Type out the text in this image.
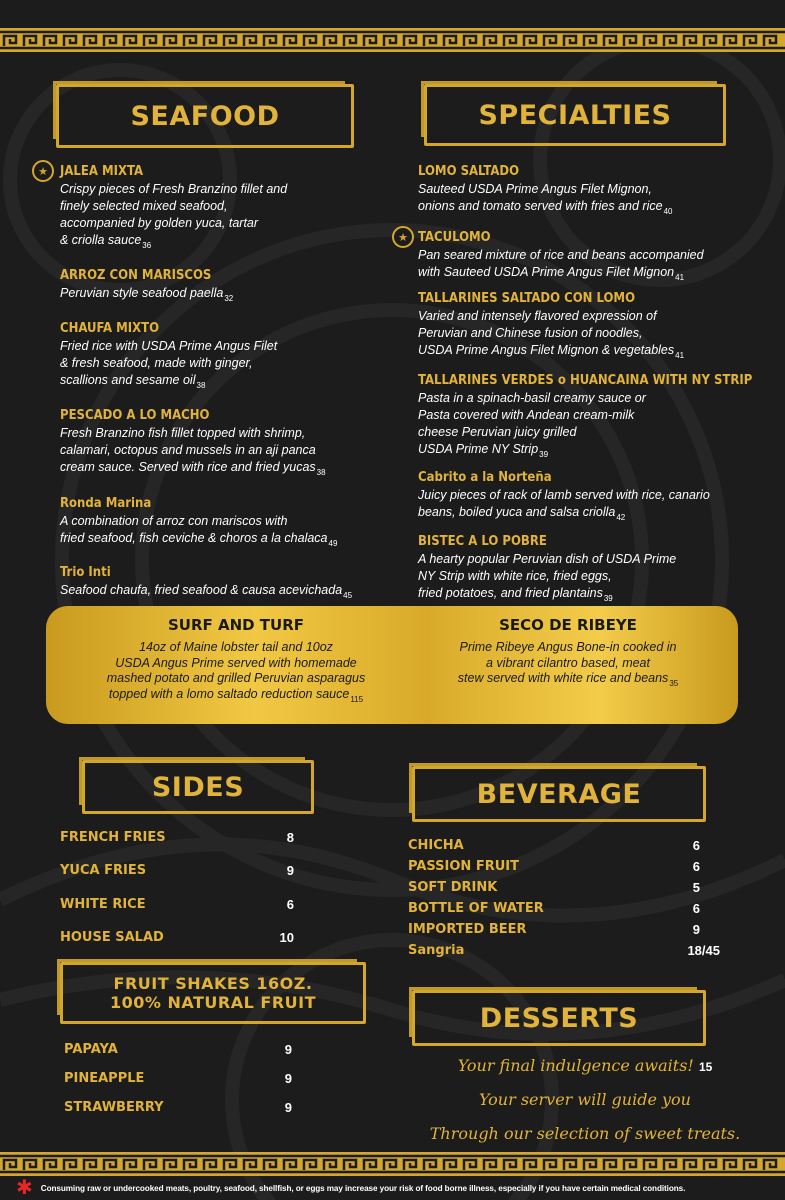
SEAFOOD	SPECIALTIES
SIDES	BEVERAGE
FRUIT SHAKES 16OZ.
100% NATURAL FRUIT	DESSERTS
★ JALEA MIXTA
Crispy pieces of Fresh Branzino fillet and
finely selected mixed seafood,
accompanied by golden yuca, tartar
& criolla sauce$_{36}$
ARROZ CON MARISCOS
Peruvian style seafood paella$_{32}$
CHAUFA MIXTO
Fried rice with USDA Prime Angus Filet
& fresh seafood, made with ginger,
scallions and sesame oil$_{38}$
PESCADO A LO MACHO
Fresh Branzino fish fillet topped with shrimp,
calamari, octopus and mussels in an aji panca
cream sauce. Served with rice and fried yucas$_{38}$
Ronda Marina
A combination of arroz con mariscos with
fried seafood, fish ceviche & choros a la chalaca$_{49}$
Trio Inti
Seafood chaufa, fried seafood & causa acevichada$_{45}$
LOMO SALTADO
Sauteed USDA Prime Angus Filet Mignon,
onions and tomato served with fries and rice$_{40}$
★ TACULOMO
Pan seared mixture of rice and beans accompanied
with Sauteed USDA Prime Angus Filet Mignon$_{41}$
TALLARINES SALTADO CON LOMO
Varied and intensely flavored expression of
Peruvian and Chinese fusion of noodles,
USDA Prime Angus Filet Mignon & vegetables$_{41}$
TALLARINES VERDES o HUANCAINA WITH NY STRIP
Pasta in a spinach-basil creamy sauce or
Pasta covered with Andean cream-milk
cheese Peruvian juicy grilled
USDA Prime NY Strip$_{39}$
Cabrito a la Norteña
Juicy pieces of rack of lamb served with rice, canario
beans, boiled yuca and salsa criolla$_{42}$
BISTEC A LO POBRE
A hearty popular Peruvian dish of USDA Prime
NY Strip with white rice, fried eggs,
fried potatoes, and fried plantains$_{39}$
SURF AND TURF
14oz of Maine lobster tail and 10oz
USDA Angus Prime served with homemade
mashed potato and grilled Peruvian asparagus
topped with a lomo saltado reduction sauce$_{115}$
SECO DE RIBEYE
Prime Ribeye Angus Bone-in cooked in
a vibrant cilantro based, meat
stew served with white rice and beans$_{35}$
FRENCH FRIES	8
YUCA FRIES	9
WHITE RICE	6
HOUSE SALAD	10
CHICHA	6
PASSION FRUIT	6
SOFT DRINK	5
BOTTLE OF WATER	6
IMPORTED BEER	9
Sangria	18/45
PAPAYA	9
PINEAPPLE	9
STRAWBERRY	9
Your final indulgence awaits! 15
Your server will guide you
Through our selection of sweet treats.
✱ Consuming raw or undercooked meats, poultry, seafood, shellfish, or eggs may increase your risk of food borne illness, especially if you have certain medical conditions.
